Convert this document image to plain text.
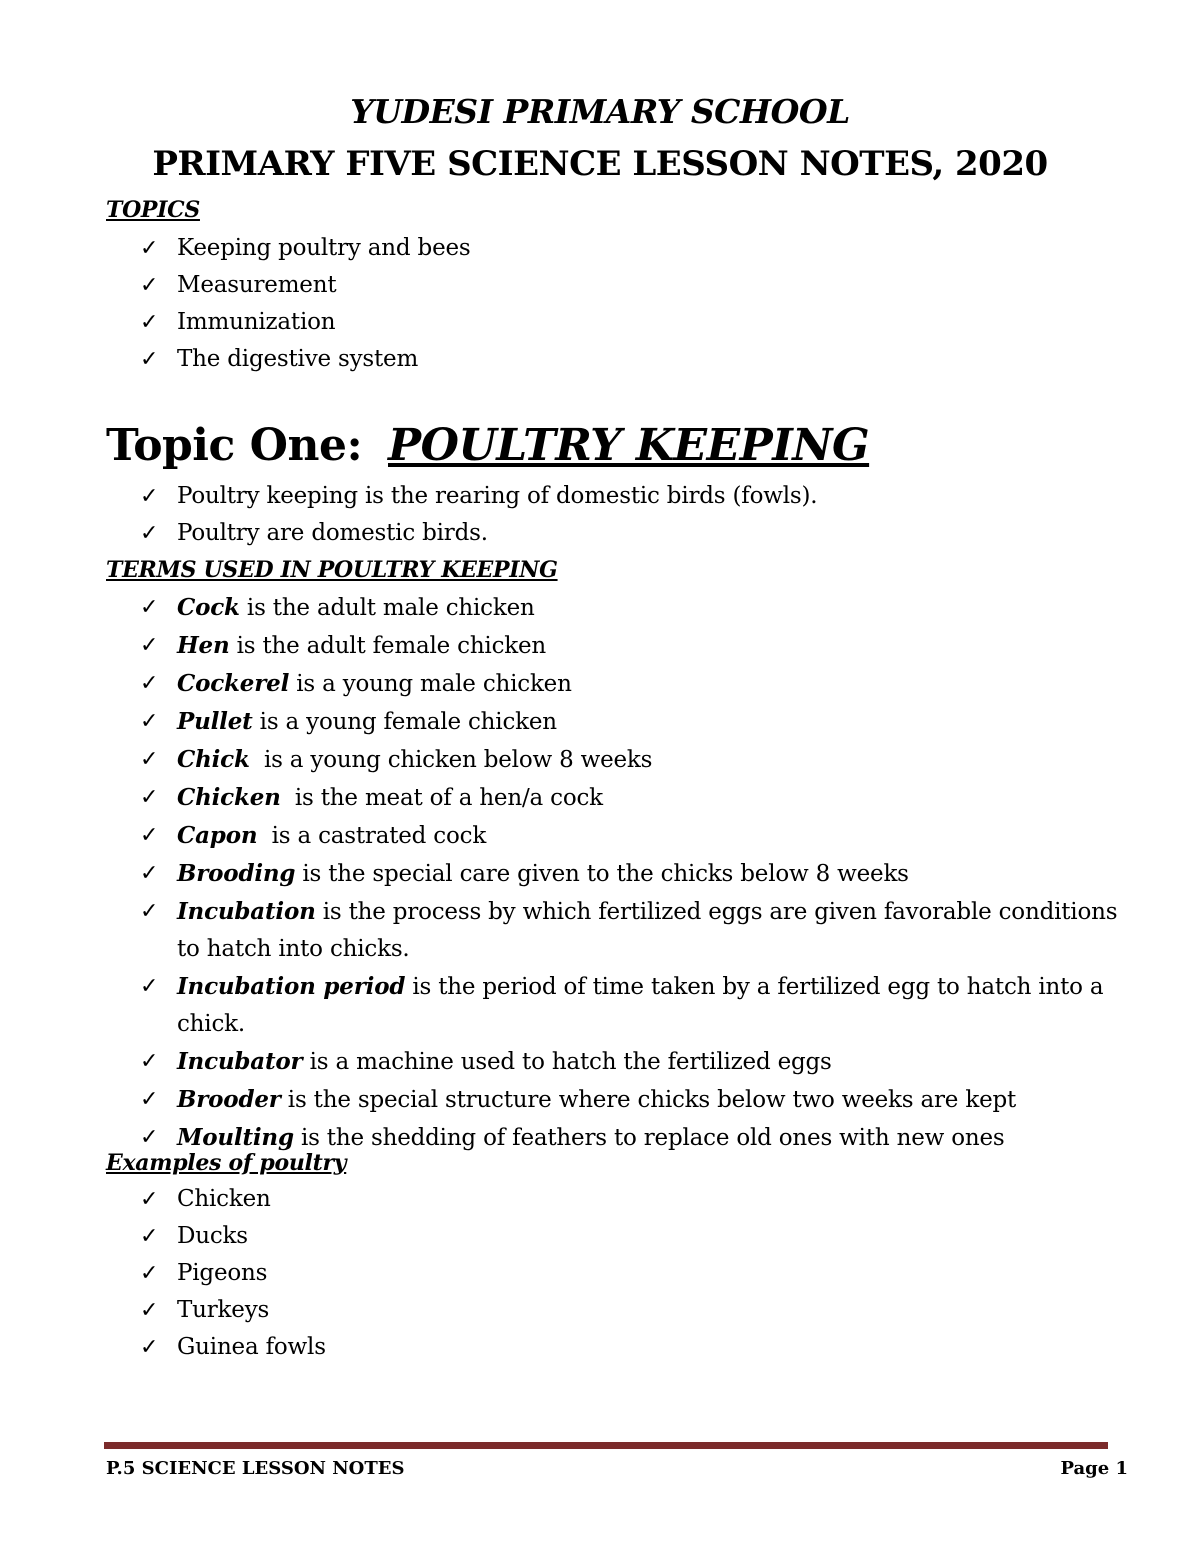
YUDESI PRIMARY SCHOOL
PRIMARY FIVE SCIENCE LESSON NOTES, 2020
TOPICS
✓ Keeping poultry and bees
✓ Measurement
✓ Immunization
✓ The digestive system
Topic One: POULTRY KEEPING
✓ Poultry keeping is the rearing of domestic birds (fowls).
✓ Poultry are domestic birds.
TERMS USED IN POULTRY KEEPING
✓ Cock is the adult male chicken
✓ Hen is the adult female chicken
✓ Cockerel is a young male chicken
✓ Pullet is a young female chicken
✓ Chick  is a young chicken below 8 weeks
✓ Chicken  is the meat of a hen/a cock
✓ Capon  is a castrated cock
✓ Brooding is the special care given to the chicks below 8 weeks
✓ Incubation is the process by which fertilized eggs are given favorable conditions to hatch into chicks.
✓ Incubation period is the period of time taken by a fertilized egg to hatch into a chick.
✓ Incubator is a machine used to hatch the fertilized eggs
✓ Brooder is the special structure where chicks below two weeks are kept
✓ Moulting is the shedding of feathers to replace old ones with new ones
Examples of poultry
✓ Chicken
✓ Ducks
✓ Pigeons
✓ Turkeys
✓ Guinea fowls
P.5 SCIENCE LESSON NOTES	Page 1
